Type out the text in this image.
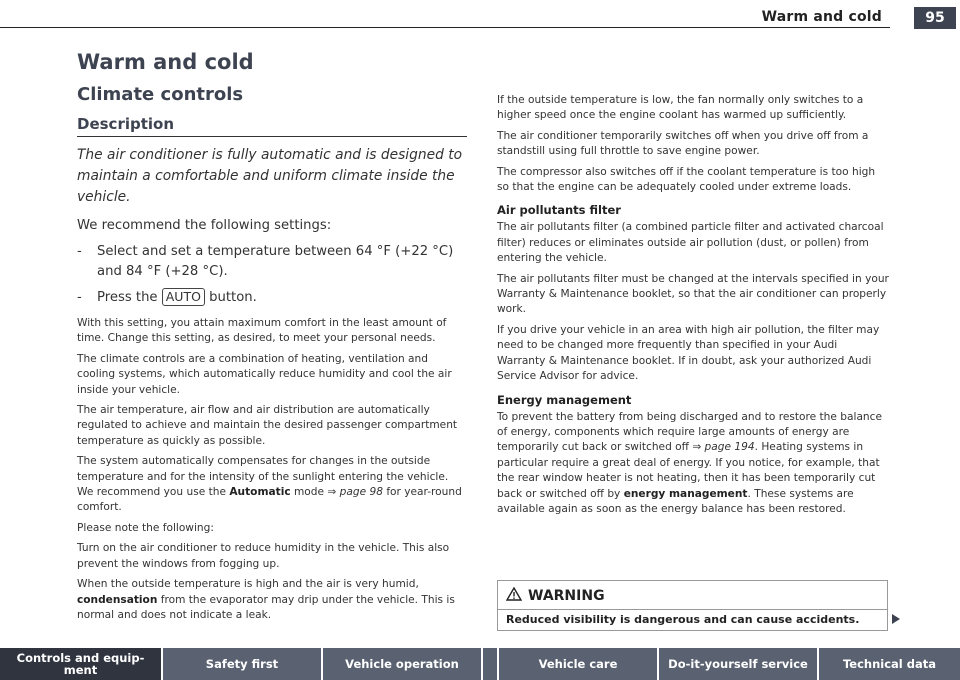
Warm and cold	95
Warm and cold
Climate controls
Description

The air conditioner is fully automatic and is designed to maintain a comfortable and uniform climate inside the vehicle.

We recommend the following settings:

- Select and set a temperature between 64 °F (+22 °C) and 84 °F (+28 °C).
- Press the AUTO button.

With this setting, you attain maximum comfort in the least amount of time. Change this setting, as desired, to meet your personal needs.

The climate controls are a combination of heating, ventilation and cooling systems, which automatically reduce humidity and cool the air inside your vehicle.

The air temperature, air flow and air distribution are automatically regulated to achieve and maintain the desired passenger compartment temperature as quickly as possible.

The system automatically compensates for changes in the outside temperature and for the intensity of the sunlight entering the vehicle. We recommend you use the Automatic mode ⇒ page 98 for year-round comfort.

Please note the following:

Turn on the air conditioner to reduce humidity in the vehicle. This also prevent the windows from fogging up.

When the outside temperature is high and the air is very humid, condensation from the evaporator may drip under the vehicle. This is normal and does not indicate a leak.

If the outside temperature is low, the fan normally only switches to a higher speed once the engine coolant has warmed up sufficiently.

The air conditioner temporarily switches off when you drive off from a standstill using full throttle to save engine power.

The compressor also switches off if the coolant temperature is too high so that the engine can be adequately cooled under extreme loads.

Air pollutants filter

The air pollutants filter (a combined particle filter and activated charcoal filter) reduces or eliminates outside air pollution (dust, or pollen) from entering the vehicle.

The air pollutants filter must be changed at the intervals specified in your Warranty & Maintenance booklet, so that the air conditioner can properly work.

If you drive your vehicle in an area with high air pollution, the filter may need to be changed more frequently than specified in your Audi Warranty & Maintenance booklet. If in doubt, ask your authorized Audi Service Advisor for advice.

Energy management

To prevent the battery from being discharged and to restore the balance of energy, components which require large amounts of energy are temporarily cut back or switched off ⇒ page 194. Heating systems in particular require a great deal of energy. If you notice, for example, that the rear window heater is not heating, then it has been temporarily cut back or switched off by energy management. These systems are available again as soon as the energy balance has been restored.

WARNING
Reduced visibility is dangerous and can cause accidents.
Controls and equip- ment	Safety first	Vehicle operation	Vehicle care	Do-it-yourself service	Technical data
